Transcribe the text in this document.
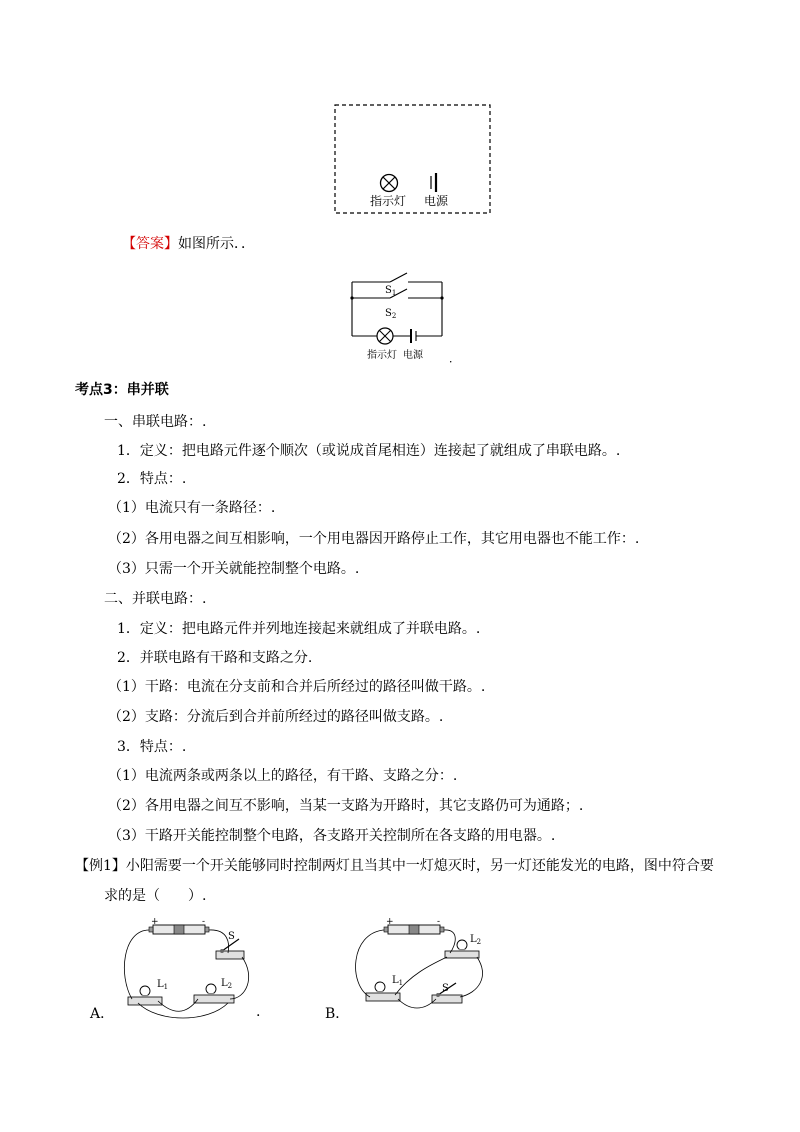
指示灯 电源
【答案】如图所示．．
$S_1$
$S_2$
指示灯 电源 ．
考点3：串并联
一、串联电路：.
1．定义：把电路元件逐个顺次（或说成首尾相连）连接起了就组成了串联电路。.
2．特点：.
（1）电流只有一条路径：.
（2）各用电器之间互相影响，一个用电器因开路停止工作，其它用电器也不能工作：.
（3）只需一个开关就能控制整个电路。.
二、并联电路：.
1．定义：把电路元件并列地连接起来就组成了并联电路。.
2．并联电路有干路和支路之分.
（1）干路：电流在分支前和合并后所经过的路径叫做干路。.
（2）支路：分流后到合并前所经过的路径叫做支路。.
3．特点：.
（1）电流两条或两条以上的路径，有干路、支路之分：.
（2）各用电器之间互不影响，当某一支路为开路时，其它支路仍可为通路；.
（3）干路开关能控制整个电路，各支路开关控制所在各支路的用电器。.
【例1】小阳需要一个开关能够同时控制两灯且当其中一灯熄灭时，另一灯还能发光的电路，图中符合要
求的是（　　）.
+	-
S
$L_1$	$L_2$
A．	.
+	-
$L_2$
$L_1$	S
B．
